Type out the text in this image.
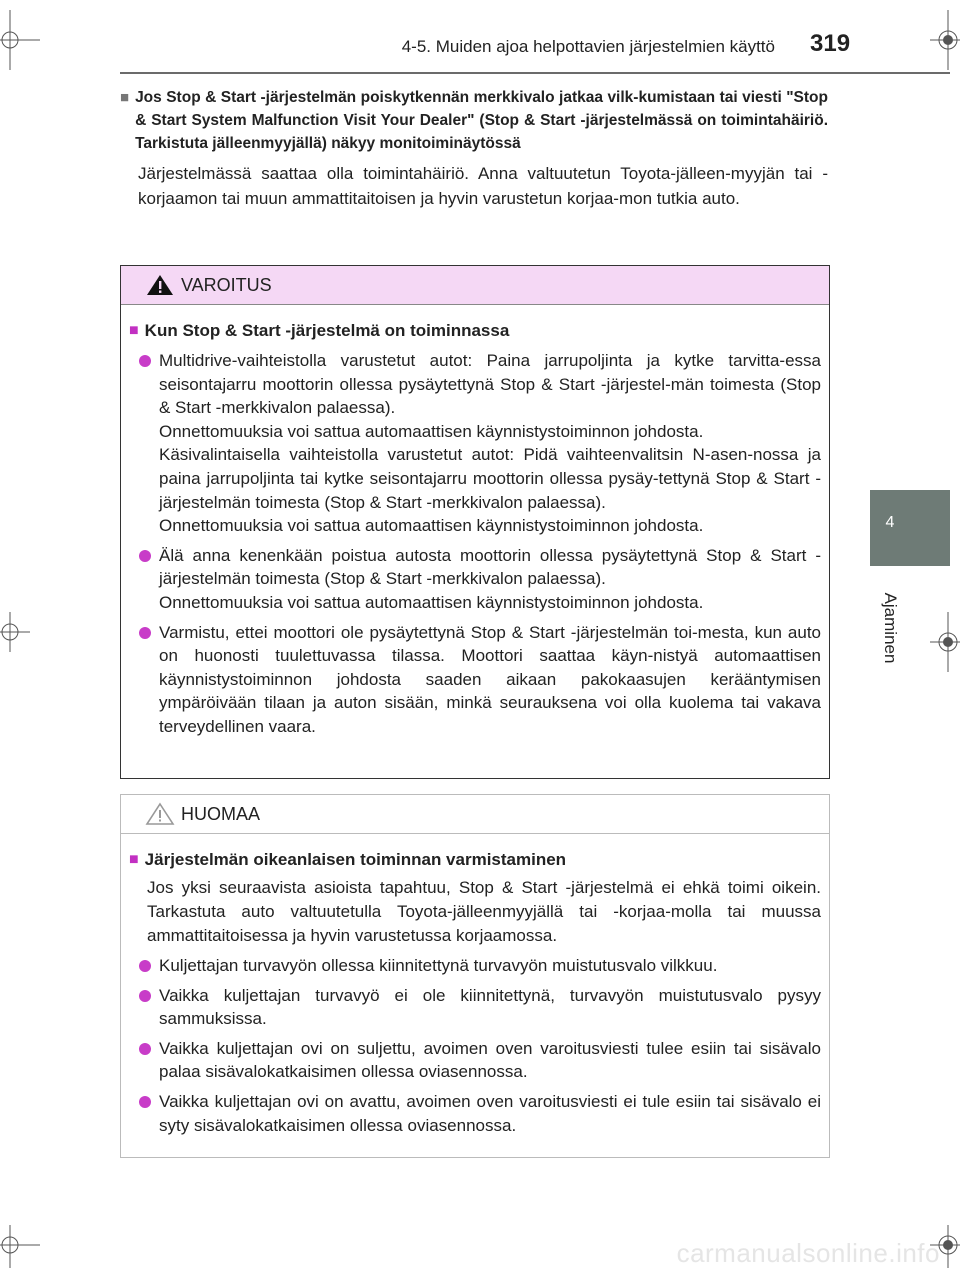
4-5. Muiden ajoa helpottavien järjestelmien käyttö 319
4
Ajaminen
■ Jos Stop & Start -järjestelmän poiskytkennän merkkivalo jatkaa vilk-kumistaan tai viesti "Stop & Start System Malfunction Visit Your Dealer" (Stop & Start -järjestelmässä on toimintahäiriö. Tarkistuta jälleenmyyjällä) näkyy monitoiminäytössä

Järjestelmässä saattaa olla toimintahäiriö. Anna valtuutetun Toyota-jälleen-myyjän tai -korjaamon tai muun ammattitaitoisen ja hyvin varustetun korjaa-mon tutkia auto.

VAROITUS
■ Kun Stop & Start -järjestelmä on toiminnassa

Multidrive-vaihteistolla varustetut autot: Paina jarrupoljinta ja kytke tarvitta-essa seisontajarru moottorin ollessa pysäytettynä Stop & Start -järjestel-män toimesta (Stop & Start -merkkivalon palaessa).

Onnettomuuksia voi sattua automaattisen käynnistystoiminnon johdosta.

Käsivalintaisella vaihteistolla varustetut autot: Pidä vaihteenvalitsin N-asen-nossa ja paina jarrupoljinta tai kytke seisontajarru moottorin ollessa pysäy-tettynä Stop & Start -järjestelmän toimesta (Stop & Start -merkkivalon palaessa).

Onnettomuuksia voi sattua automaattisen käynnistystoiminnon johdosta.

Älä anna kenenkään poistua autosta moottorin ollessa pysäytettynä Stop & Start -järjestelmän toimesta (Stop & Start -merkkivalon palaessa).

Onnettomuuksia voi sattua automaattisen käynnistystoiminnon johdosta.

Varmistu, ettei moottori ole pysäytettynä Stop & Start -järjestelmän toi-mesta, kun auto on huonosti tuulettuvassa tilassa. Moottori saattaa käyn-nistyä automaattisen käynnistystoiminnon johdosta saaden aikaan pakokaasujen kerääntymisen ympäröivään tilaan ja auton sisään, minkä seurauksena voi olla kuolema tai vakava terveydellinen vaara.

HUOMAA
■ Järjestelmän oikeanlaisen toiminnan varmistaminen

Jos yksi seuraavista asioista tapahtuu, Stop & Start -järjestelmä ei ehkä toimi oikein. Tarkastuta auto valtuutetulla Toyota-jälleenmyyjällä tai -korjaa-molla tai muussa ammattitaitoisessa ja hyvin varustetussa korjaamossa.

Kuljettajan turvavyön ollessa kiinnitettynä turvavyön muistutusvalo vilkkuu.

Vaikka kuljettajan turvavyö ei ole kiinnitettynä, turvavyön muistutusvalo pysyy sammuksissa.

Vaikka kuljettajan ovi on suljettu, avoimen oven varoitusviesti tulee esiin tai sisävalo palaa sisävalokatkaisimen ollessa oviasennossa.

Vaikka kuljettajan ovi on avattu, avoimen oven varoitusviesti ei tule esiin tai sisävalo ei syty sisävalokatkaisimen ollessa oviasennossa.

carmanualsonline.info
